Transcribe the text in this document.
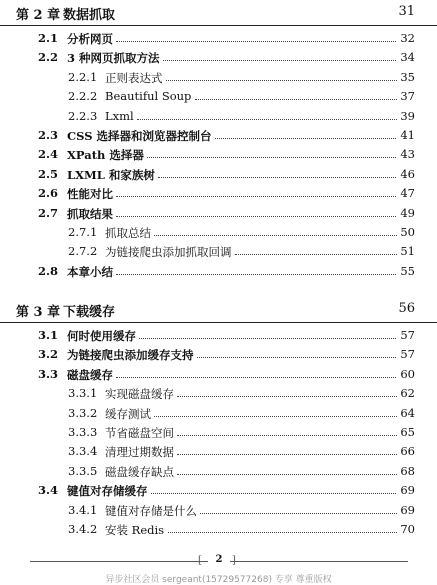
第 2 章 数据抓取	31
2.1 分析网页	32
2.2 3 种网页抓取方法	34
2.2.1 正则表达式	35
2.2.2 Beautiful Soup	37
2.2.3 Lxml	39
2.3 CSS 选择器和浏览器控制台	41
2.4 XPath 选择器	43
2.5 LXML 和家族树	46
2.6 性能对比	47
2.7 抓取结果	49
2.7.1 抓取总结	50
2.7.2 为链接爬虫添加抓取回调	51
2.8 本章小结	55
第 3 章 下载缓存	56
3.1 何时使用缓存	57
3.2 为链接爬虫添加缓存支持	57
3.3 磁盘缓存	60
3.3.1 实现磁盘缓存	62
3.3.2 缓存测试	64
3.3.3 节省磁盘空间	65
3.3.4 清理过期数据	66
3.3.5 磁盘缓存缺点	68
3.4 键值对存储缓存	69
3.4.1 键值对存储是什么	69
3.4.2 安装 Redis	70
[	2 ]
异步社区会员 sergeant(15729577268) 专享 尊重版权
